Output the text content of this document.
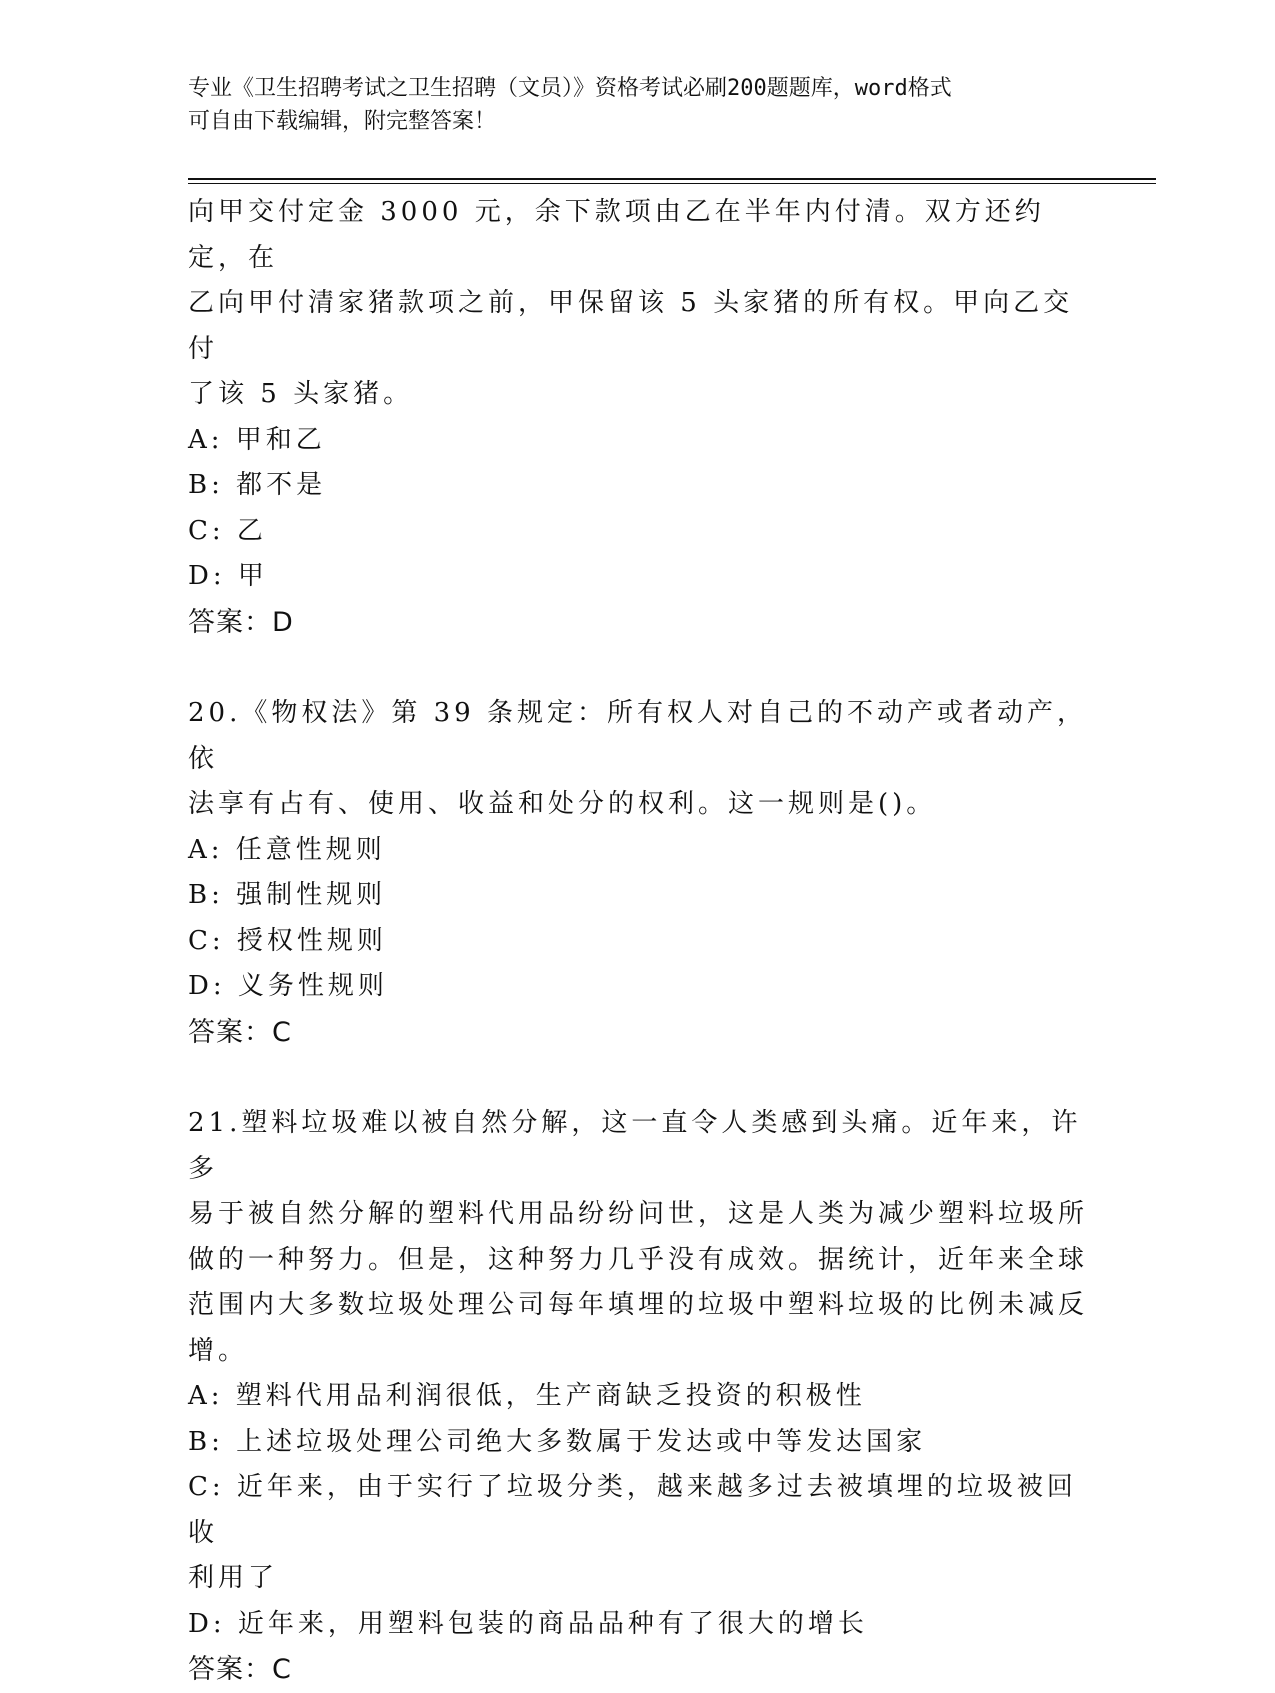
专业《卫生招聘考试之卫生招聘（文员）》资格考试必刷200题题库，word格式
可自由下载编辑，附完整答案！

向甲交付定金 3000 元，余下款项由乙在半年内付清。双方还约定，在

乙向甲付清家猪款项之前，甲保留该 5 头家猪的所有权。甲向乙交付

了该 5 头家猪。

A: 甲和乙

B: 都不是

C: 乙

D: 甲

答案：D

20.《物权法》第 39 条规定：所有权人对自己的不动产或者动产，依

法享有占有、使用、收益和处分的权利。这一规则是()。

A: 任意性规则

B: 强制性规则

C: 授权性规则

D: 义务性规则

答案：C

21.塑料垃圾难以被自然分解，这一直令人类感到头痛。近年来，许多

易于被自然分解的塑料代用品纷纷问世，这是人类为减少塑料垃圾所

做的一种努力。但是，这种努力几乎没有成效。据统计，近年来全球

范围内大多数垃圾处理公司每年填埋的垃圾中塑料垃圾的比例未减反

增。

A: 塑料代用品利润很低，生产商缺乏投资的积极性

B: 上述垃圾处理公司绝大多数属于发达或中等发达国家

C: 近年来，由于实行了垃圾分类，越来越多过去被填埋的垃圾被回收

利用了

D: 近年来，用塑料包装的商品品种有了很大的增长

答案：C
